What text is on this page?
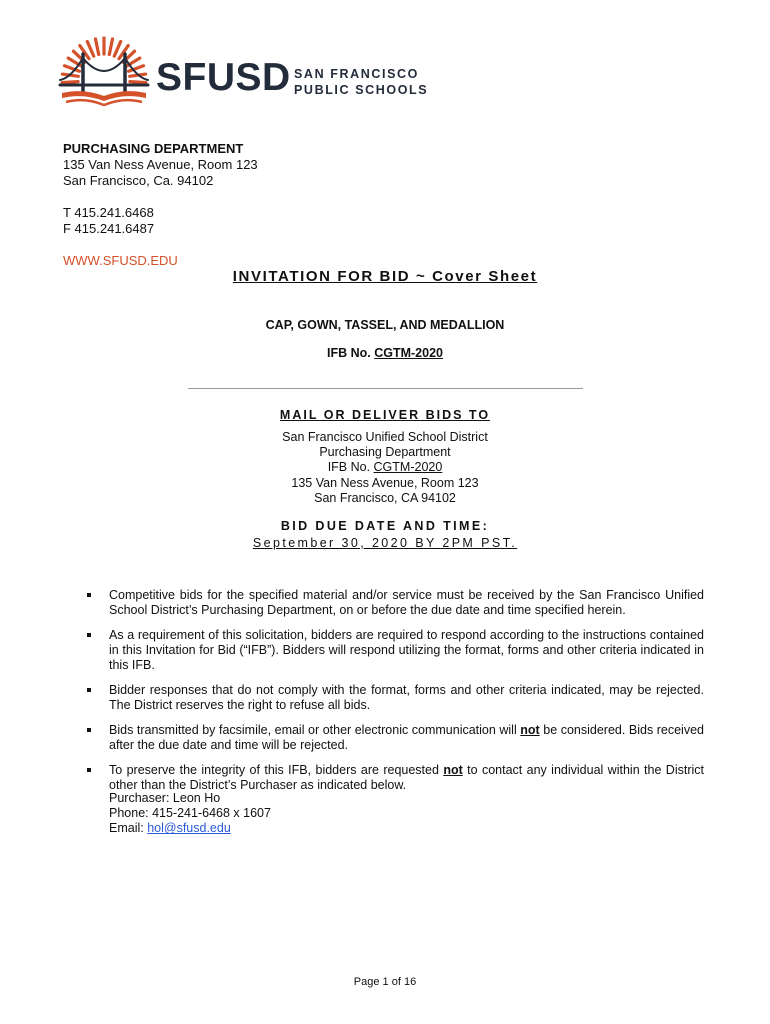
SFUSD SAN FRANCISCO
PUBLIC SCHOOLS
PURCHASING DEPARTMENT
135 Van Ness Avenue, Room 123
San Francisco, Ca. 94102
T 415.241.6468
F 415.241.6487
WWW.SFUSD.EDU
INVITATION FOR BID ~ Cover Sheet
CAP, GOWN, TASSEL, AND MEDALLION
IFB No. CGTM-2020
MAIL OR DELIVER BIDS TO
San Francisco Unified School District
Purchasing Department
IFB No. CGTM-2020
135 Van Ness Avenue, Room 123
San Francisco, CA 94102
BID DUE DATE AND TIME:
September 30, 2020 BY 2PM PST.
Competitive bids for the specified material and/or service must be received by the San Francisco Unified School District’s Purchasing Department, on or before the due date and time specified herein.
As a requirement of this solicitation, bidders are required to respond according to the instructions contained in this Invitation for Bid (“IFB”). Bidders will respond utilizing the format, forms and other criteria indicated in this IFB.
Bidder responses that do not comply with the format, forms and other criteria indicated, may be rejected. The District reserves the right to refuse all bids.
Bids transmitted by facsimile, email or other electronic communication will not be considered. Bids received after the due date and time will be rejected.
To preserve the integrity of this IFB, bidders are requested not to contact any individual within the District other than the District’s Purchaser as indicated below.
Purchaser: Leon Ho
Phone: 415-241-6468 x 1607
Email: hol@sfusd.edu
Page 1 of 16
